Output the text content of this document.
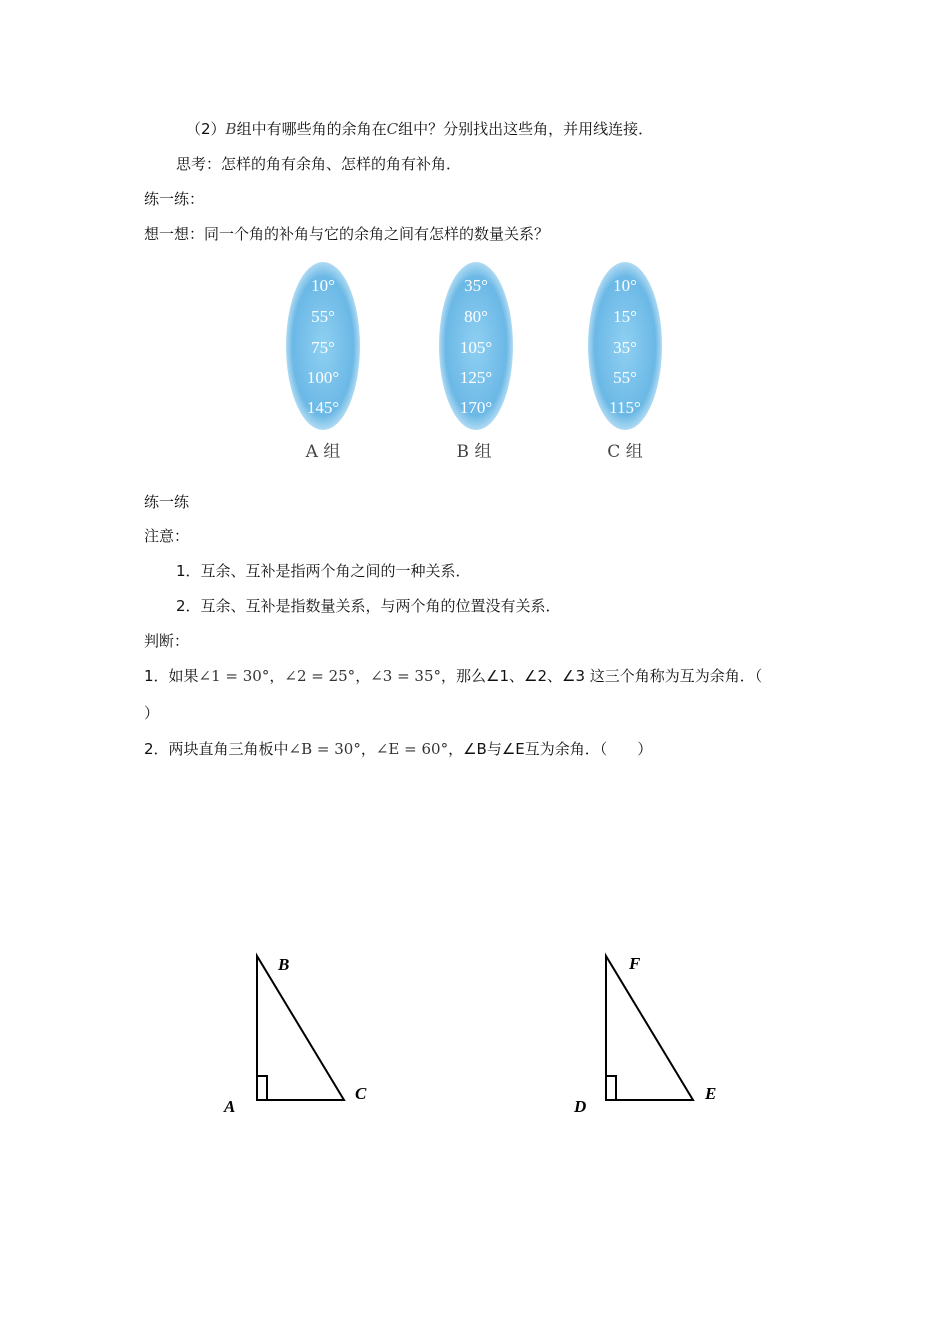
（2）B组中有哪些角的余角在C组中？分别找出这些角，并用线连接．
思考：怎样的角有余角、怎样的角有补角．
练一练：
想一想：同一个角的补角与它的余角之间有怎样的数量关系？
10°
55°
75°
100°
145°
A 组
35°
80°
105°
125°
170°
B 组
10°
15°
35°
55°
115°
C 组
练一练
注意：
1．互余、互补是指两个角之间的一种关系．
2．互余、互补是指数量关系，与两个角的位置没有关系．
判断：
1．如果∠1 = 30°，∠2 = 25°，∠3 = 35°，那么∠1、∠2、∠3 这三个角称为互为余角．（
）
2．两块直角三角板中∠B = 30°，∠E = 60°，∠B与∠E互为余角．（　　）
B
A
C
F
D
E
